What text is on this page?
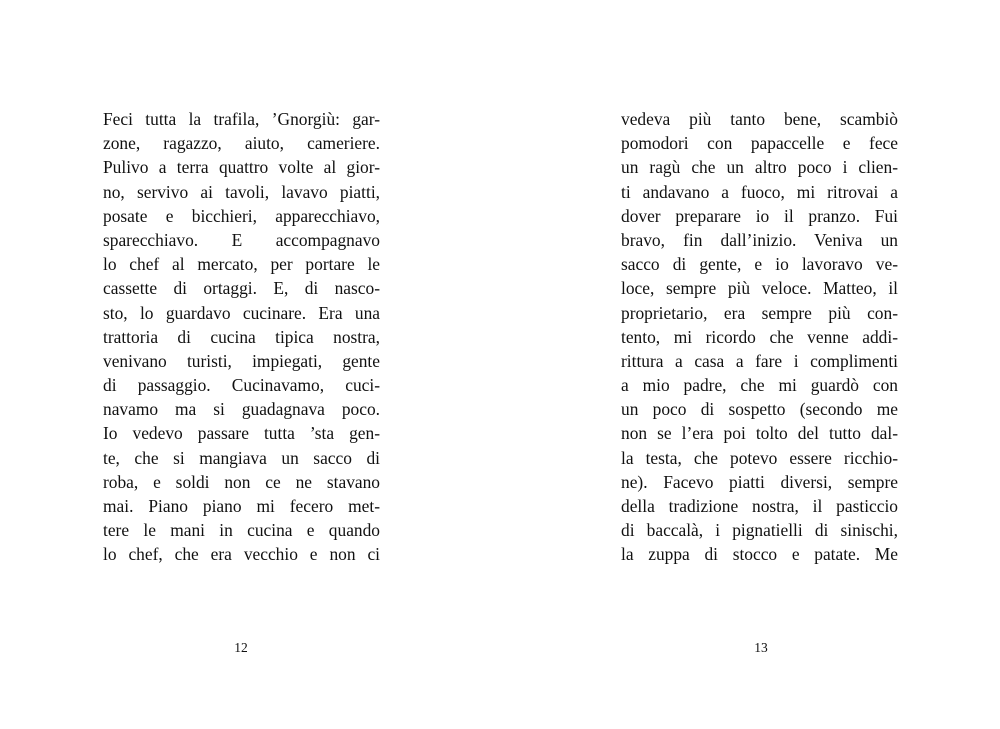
Feci tutta la trafila, ’Gnorgiù: gar-
zone, ragazzo, aiuto, cameriere.
Pulivo a terra quattro volte al gior-
no, servivo ai tavoli, lavavo piatti,
posate e bicchieri, apparecchiavo,
sparecchiavo. E accompagnavo
lo chef al mercato, per portare le
cassette di ortaggi. E, di nasco-
sto, lo guardavo cucinare. Era una
trattoria di cucina tipica nostra,
venivano turisti, impiegati, gente
di passaggio. Cucinavamo, cuci-
navamo ma si guadagnava poco.
Io vedevo passare tutta ’sta gen-
te, che si mangiava un sacco di
roba, e soldi non ce ne stavano
mai. Piano piano mi fecero met-
tere le mani in cucina e quando
lo chef, che era vecchio e non ci
12
vedeva più tanto bene, scambiò
pomodori con papaccelle e fece
un ragù che un altro poco i clien-
ti andavano a fuoco, mi ritrovai a
dover preparare io il pranzo. Fui
bravo, fin dall’inizio. Veniva un
sacco di gente, e io lavoravo ve-
loce, sempre più veloce. Matteo, il
proprietario, era sempre più con-
tento, mi ricordo che venne addi-
rittura a casa a fare i complimenti
a mio padre, che mi guardò con
un poco di sospetto (secondo me
non se l’era poi tolto del tutto dal-
la testa, che potevo essere ricchio-
ne). Facevo piatti diversi, sempre
della tradizione nostra, il pasticcio
di baccalà, i pignatielli di sinischi,
la zuppa di stocco e patate. Me
13
